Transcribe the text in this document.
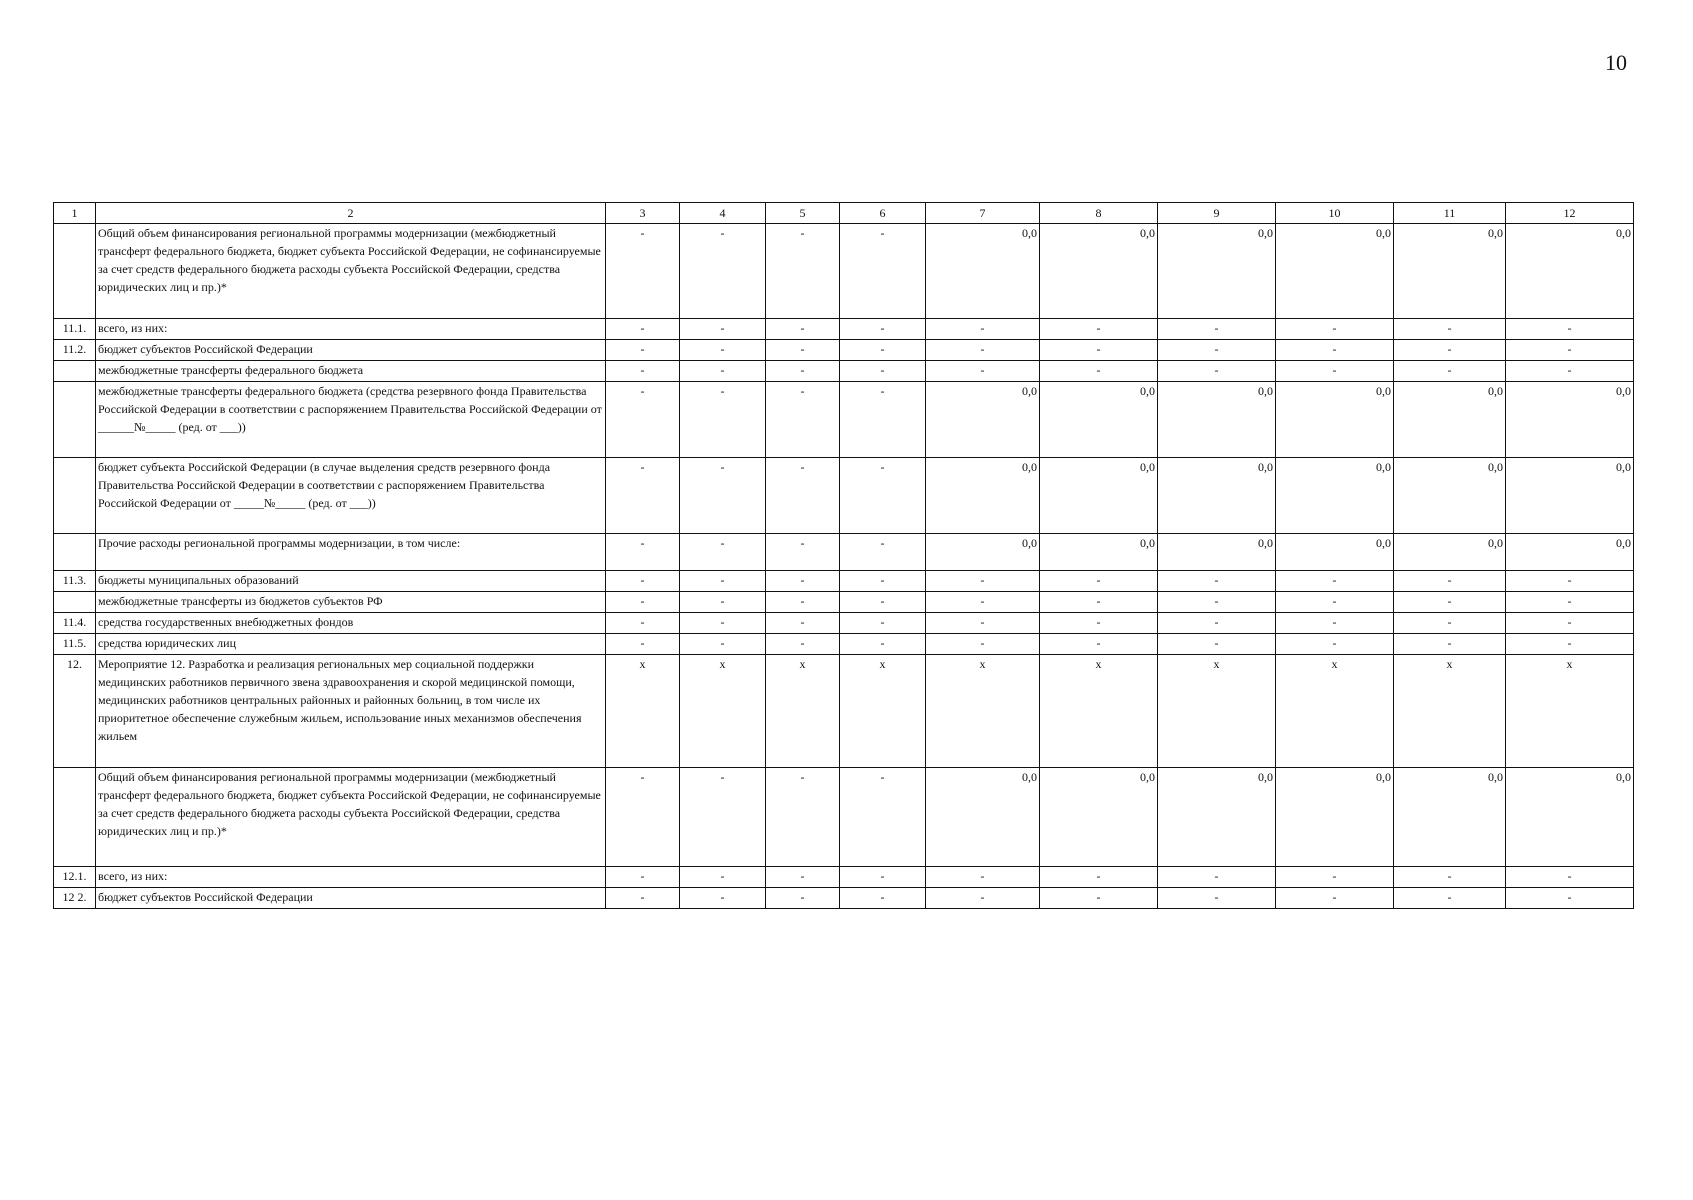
10
1	2	3	4	5	6	7	8	9	10	11	12
	Общий объем финансирования региональной программы модернизации (межбюджетный трансферт федерального бюджета, бюджет субъекта Российской Федерации, не софинансируемые за счет средств федерального бюджета расходы субъекта Российской Федерации, средства юридических лиц и пр.)*	-	-	-	-	0,0	0,0	0,0	0,0	0,0	0,0
11.1.	всего, из них:	-	-	-	-	-	-	-	-	-	-
11.2.	бюджет субъектов Российской Федерации	-	-	-	-	-	-	-	-	-	-
	межбюджетные трансферты федерального бюджета	-	-	-	-	-	-	-	-	-	-
	межбюджетные трансферты федерального бюджета (средства резервного фонда Правительства Российской Федерации в соответствии с распоряжением Правительства Российской Федерации от ______№_____ (ред. от ___))	-	-	-	-	0,0	0,0	0,0	0,0	0,0	0,0
	бюджет субъекта Российской Федерации (в случае выделения средств резервного фонда Правительства Российской Федерации в соответствии с распоряжением Правительства Российской Федерации от _____№_____ (ред. от ___))	-	-	-	-	0,0	0,0	0,0	0,0	0,0	0,0
	Прочие расходы региональной программы модернизации, в том числе:	-	-	-	-	0,0	0,0	0,0	0,0	0,0	0,0
11.3.	бюджеты муниципальных образований	-	-	-	-	-	-	-	-	-	-
	межбюджетные трансферты из бюджетов субъектов РФ	-	-	-	-	-	-	-	-	-	-
11.4.	средства государственных внебюджетных фондов	-	-	-	-	-	-	-	-	-	-
11.5.	средства юридических лиц	-	-	-	-	-	-	-	-	-	-
12.	Мероприятие 12. Разработка и реализация региональных мер социальной поддержки медицинских работников первичного звена здравоохранения и скорой медицинской помощи, медицинских работников центральных районных и районных больниц, в том числе их приоритетное обеспечение служебным жильем, использование иных механизмов обеспечения жильем	x	x	x	x	x	x	x	x	x	x
	Общий объем финансирования региональной программы модернизации (межбюджетный трансферт федерального бюджета, бюджет субъекта Российской Федерации, не софинансируемые за счет средств федерального бюджета расходы субъекта Российской Федерации, средства юридических лиц и пр.)*	-	-	-	-	0,0	0,0	0,0	0,0	0,0	0,0
12.1.	всего, из них:	-	-	-	-	-	-	-	-	-	-
12 2.	бюджет субъектов Российской Федерации	-	-	-	-	-	-	-	-	-	-
